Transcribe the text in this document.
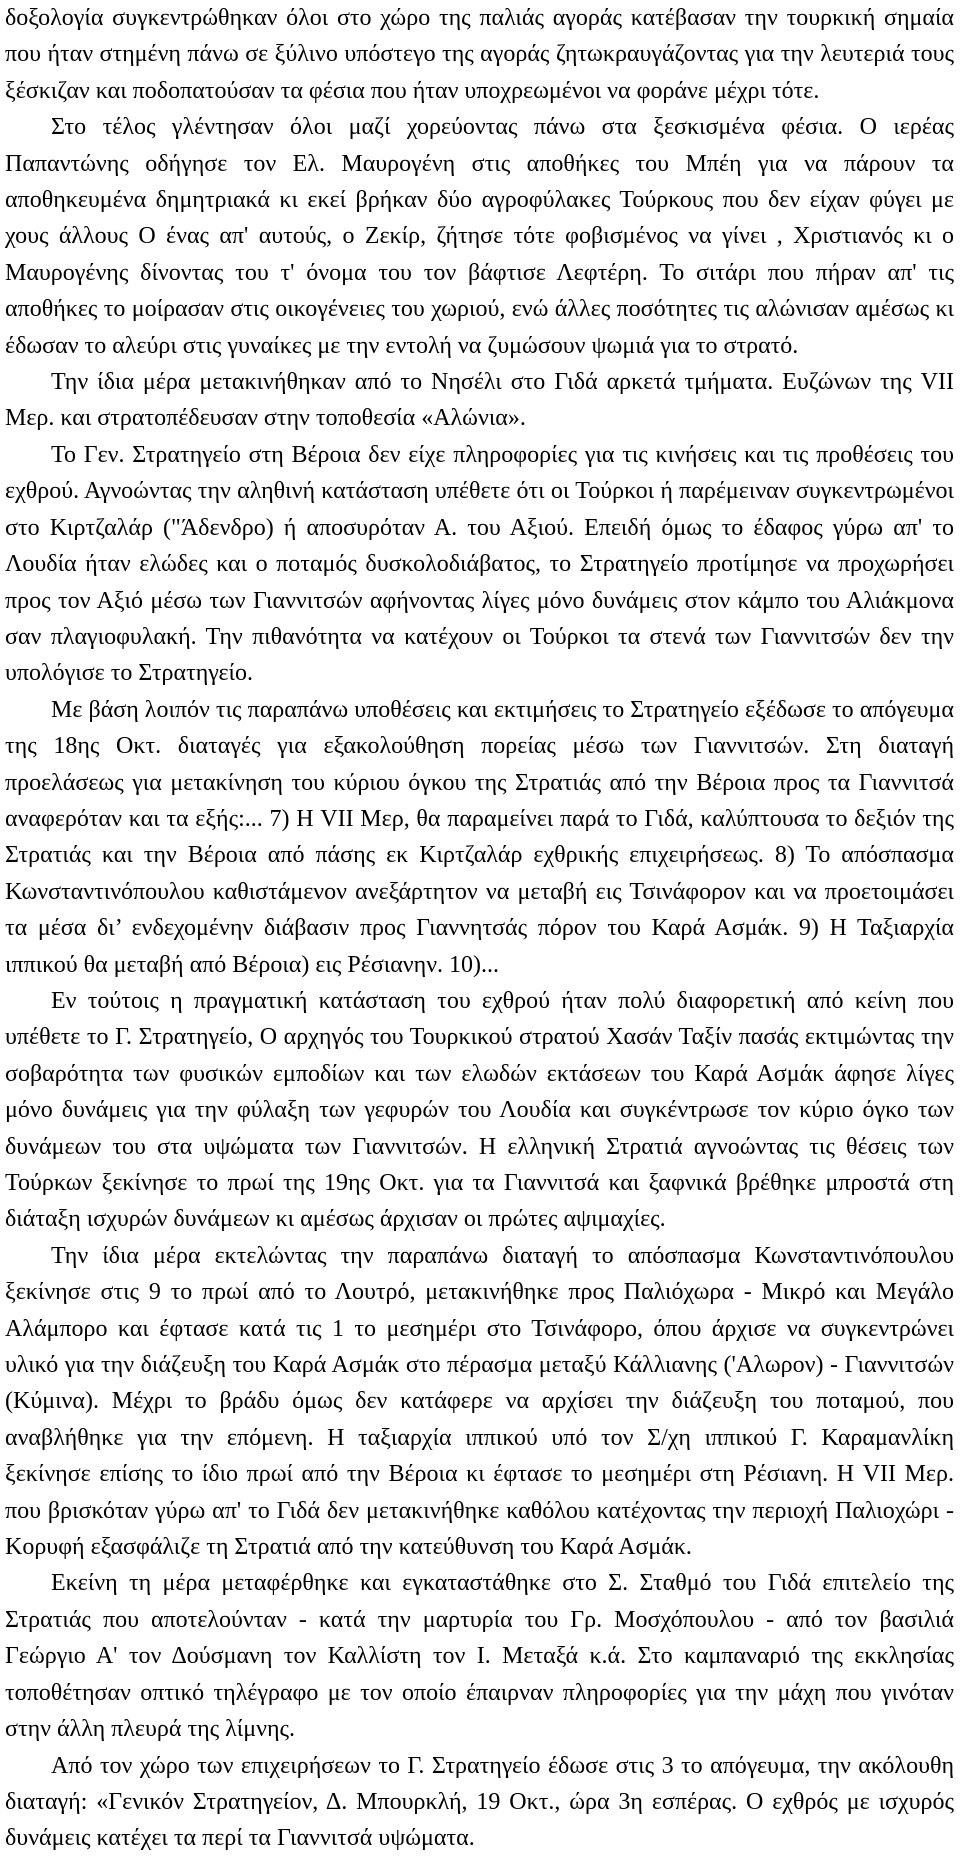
δοξολογία συγκεντρώθηκαν όλοι στο χώρο της παλιάς αγοράς κατέβασαν την τουρκική σημαία που ήταν στημένη πάνω σε ξύλινο υπόστεγο της αγοράς ζητωκραυγάζοντας για την λευτεριά τους ξέσκιζαν και ποδοπατούσαν τα φέσια που ήταν υποχρεωμένοι να φοράνε μέχρι τότε.

Στο τέλος γλέντησαν όλοι μαζί χορεύοντας πάνω στα ξεσκισμένα φέσια. Ο ιερέας Παπαντώνης οδήγησε τον Ελ. Μαυρογένη στις αποθήκες του Μπέη για να πάρουν τα αποθηκευμένα δημητριακά κι εκεί βρήκαν δύο αγροφύλακες Τούρκους που δεν είχαν φύγει με χους άλλους Ο ένας απ' αυτούς, ο Ζεκίρ, ζήτησε τότε φοβισμένος να γίνει , Χριστιανός κι ο Μαυρογένης δίνοντας του τ' όνομα του τον βάφτισε Λεφτέρη. Το σιτάρι που πήραν απ' τις αποθήκες το μοίρασαν στις οικογένειες του χωριού, ενώ άλλες ποσότητες τις αλώνισαν αμέσως κι έδωσαν το αλεύρι στις γυναίκες με την εντολή να ζυμώσουν ψωμιά για το στρατό.

Την ίδια μέρα μετακινήθηκαν από το Νησέλι στο Γιδά αρκετά τμήματα. Ευζώνων της VII Μερ. και στρατοπέδευσαν στην τοποθεσία «Αλώνια».

Το Γεν. Στρατηγείο στη Βέροια δεν είχε πληροφορίες για τις κινήσεις και τις προθέσεις του εχθρού. Αγνοώντας την αληθινή κατάσταση υπέθετε ότι οι Τούρκοι ή παρέμειναν συγκεντρωμένοι στο Κιρτζαλάρ ("Άδενδρο) ή αποσυρόταν Α. του Αξιού. Επειδή όμως το έδαφος γύρω απ' το Λουδία ήταν ελώδες και ο ποταμός δυσκολοδιάβατος, το Στρατηγείο προτίμησε να προχωρήσει προς τον Αξιό μέσω των Γιαννιτσών αφήνοντας λίγες μόνο δυνάμεις στον κάμπο του Αλιάκμονα σαν πλαγιοφυλακή. Την πιθανότητα να κατέχουν οι Τούρκοι τα στενά των Γιαννιτσών δεν την υπολόγισε το Στρατηγείο.

Με βάση λοιπόν τις παραπάνω υποθέσεις και εκτιμήσεις το Στρατηγείο εξέδωσε το απόγευμα της 18ης Οκτ. διαταγές για εξακολούθηση πορείας μέσω των Γιαννιτσών. Στη διαταγή προελάσεως για μετακίνηση του κύριου όγκου της Στρατιάς από την Βέροια προς τα Γιαννιτσά αναφερόταν και τα εξής:... 7) Η VII Μερ, θα παραμείνει παρά το Γιδά, καλύπτουσα το δεξιόν της Στρατιάς και την Βέροια από πάσης εκ Κιρτζαλάρ εχθρικής επιχειρήσεως. 8) Το απόσπασμα Κωνσταντινόπουλου καθιστάμενον ανεξάρτητον να μεταβή εις Τσινάφορον και να προετοιμάσει τα μέσα δι’ ενδεχομένην διάβασιν προς Γιαννητσάς πόρον του Καρά Ασμάκ. 9) Η Ταξιαρχία ιππικού θα μεταβή από Βέροια) εις Ρέσιανην. 10)...

Εν τούτοις η πραγματική κατάσταση του εχθρού ήταν πολύ διαφορετική από κείνη που υπέθετε το Γ. Στρατηγείο, Ο αρχηγός του Τουρκικού στρατού Χασάν Ταξίν πασάς εκτιμώντας την σοβαρότητα των φυσικών εμποδίων και των ελωδών εκτάσεων του Καρά Ασμάκ άφησε λίγες μόνο δυνάμεις για την φύλαξη των γεφυρών του Λουδία και συγκέντρωσε τον κύριο όγκο των δυνάμεων του στα υψώματα των Γιαννιτσών. Η ελληνική Στρατιά αγνοώντας τις θέσεις των Τούρκων ξεκίνησε το πρωί της 19ης Οκτ. για τα Γιαννιτσά και ξαφνικά βρέθηκε μπροστά στη διάταξη ισχυρών δυνάμεων κι αμέσως άρχισαν οι πρώτες αψιμαχίες.

Την ίδια μέρα εκτελώντας την παραπάνω διαταγή το απόσπασμα Κωνσταντινόπουλου ξεκίνησε στις 9 το πρωί από το Λουτρό, μετακινήθηκε προς Παλιόχωρα - Μικρό και Μεγάλο Αλάμπορο και έφτασε κατά τις 1 το μεσημέρι στο Τσινάφορο, όπου άρχισε να συγκεντρώνει υλικό για την διάζευξη του Καρά Ασμάκ στο πέρασμα μεταξύ Κάλλιανης ('Αλωρον) - Γιαννιτσών (Κύμινα). Μέχρι το βράδυ όμως δεν κατάφερε να αρχίσει την διάζευξη του ποταμού, που αναβλήθηκε για την επόμενη. Η ταξιαρχία ιππικού υπό τον Σ/χη ιππικού Γ. Καραμανλίκη ξεκίνησε επίσης το ίδιο πρωί από την Βέροια κι έφτασε το μεσημέρι στη Ρέσιανη. Η VII Μερ. που βρισκόταν γύρω απ' το Γιδά δεν μετακινήθηκε καθόλου κατέχοντας την περιοχή Παλιοχώρι - Κορυφή εξασφάλιζε τη Στρατιά από την κατεύθυνση του Καρά Ασμάκ.

Εκείνη τη μέρα μεταφέρθηκε και εγκαταστάθηκε στο Σ. Σταθμό του Γιδά επιτελείο της Στρατιάς που αποτελούνταν - κατά την μαρτυρία του Γρ. Μοσχόπουλου - από τον βασιλιά Γεώργιο Α' τον Δούσμανη τον Καλλίστη τον Ι. Μεταξά κ.ά. Στο καμπαναριό της εκκλησίας τοποθέτησαν οπτικό τηλέγραφο με τον οποίο έπαιρναν πληροφορίες για την μάχη που γινόταν στην άλλη πλευρά της λίμνης.

Από τον χώρο των επιχειρήσεων το Γ. Στρατηγείο έδωσε στις 3 το απόγευμα, την ακόλουθη διαταγή: «Γενικόν Στρατηγείον, Δ. Μπουρκλή, 19 Οκτ., ώρα 3η εσπέρας. Ο εχθρός με ισχυρός δυνάμεις κατέχει τα περί τα Γιαννιτσά υψώματα.
